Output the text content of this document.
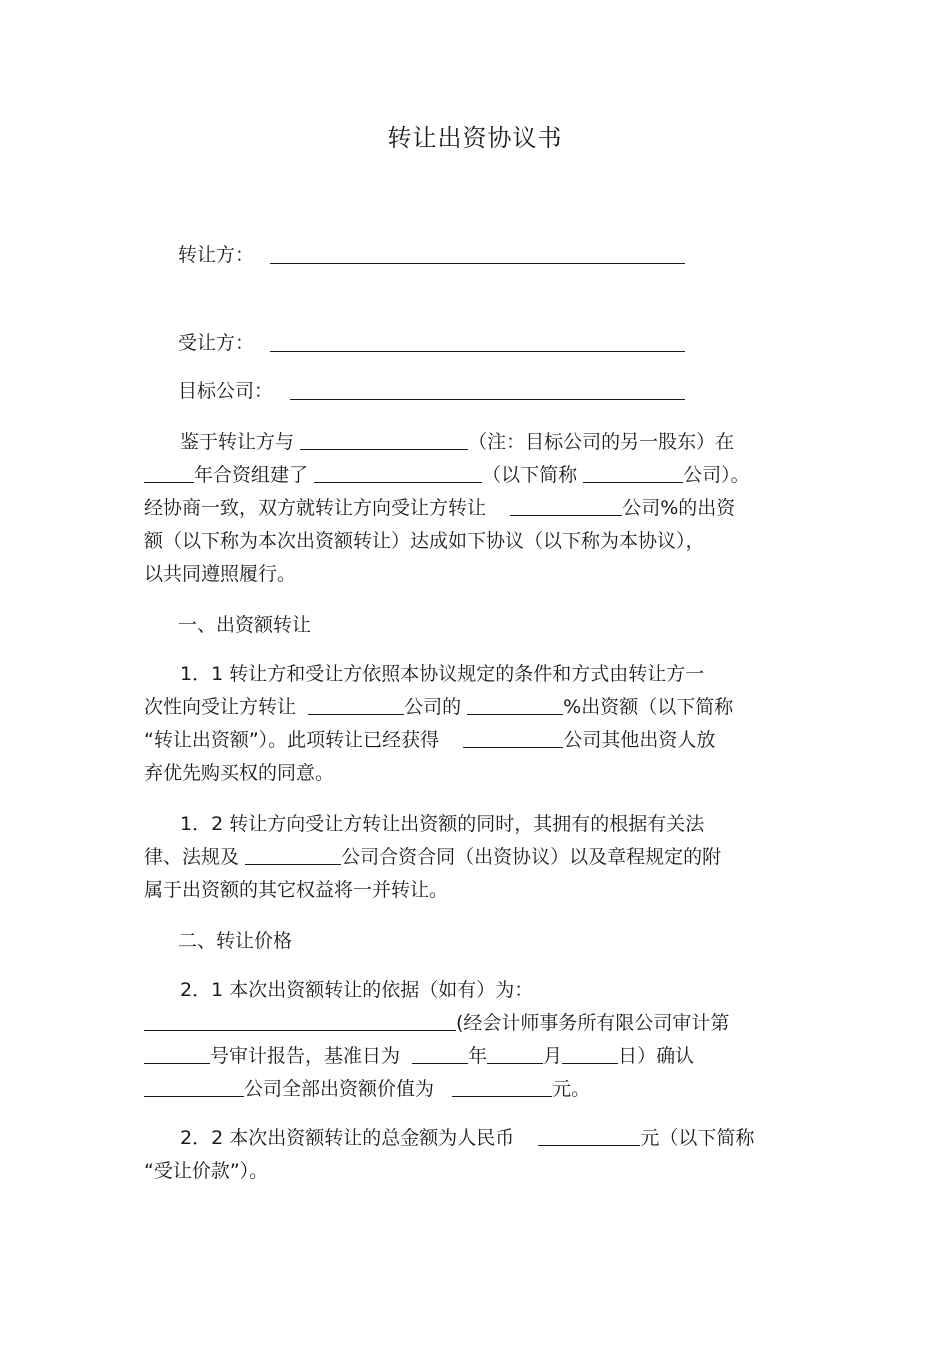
转让出资协议书
转让方：
受让方：
目标公司：
鉴于转让方与	（注：目标公司的另一股东）在
年合资组建了	（以下简称	公司）。
经协商一致，双方就转让方向受让方转让	公司%的出资
额（以下称为本次出资额转让）达成如下协议（以下称为本协议），
以共同遵照履行。
一、出资额转让
1．1 转让方和受让方依照本协议规定的条件和方式由转让方一
次性向受让方转让	公司的	%出资额（以下简称
“转让出资额”）。此项转让已经获得	公司其他出资人放
弃优先购买权的同意。
1．2 转让方向受让方转让出资额的同时，其拥有的根据有关法
律、法规及	公司合资合同（出资协议）以及章程规定的附
属于出资额的其它权益将一并转让。
二、转让价格
2．1 本次出资额转让的依据（如有）为：
(经会计师事务所有限公司审计第
号审计报告，基准日为	年	月	日）确认
公司全部出资额价值为	元。
2．2 本次出资额转让的总金额为人民币	元（以下简称
“受让价款”）。
